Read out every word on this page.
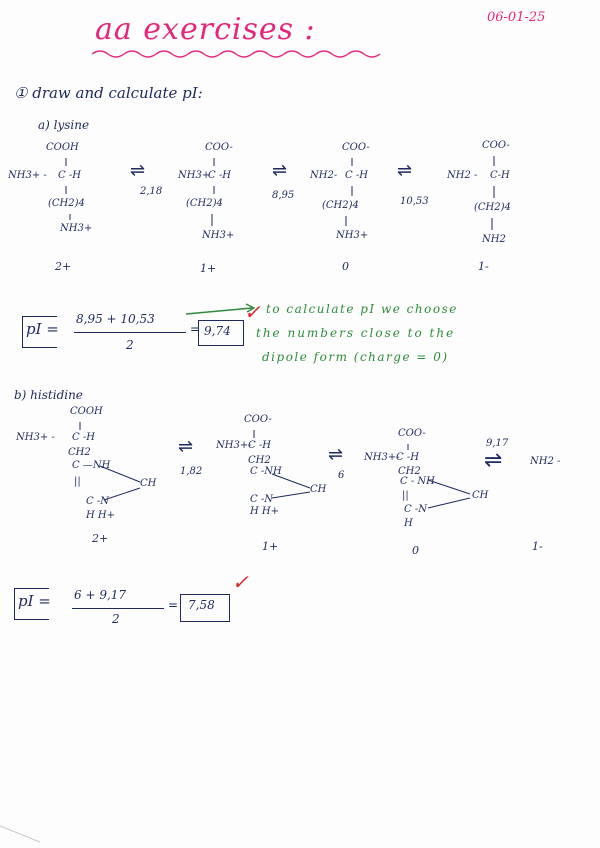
aa exercises :	06-01-25
① draw and calculate pI:
a) lysine
COOH
NH3+ - C -H
(CH2)4
NH3+
2+
⇌
2,18
COO-
NH3+
C -H
(CH2)4
NH3+
1+
⇌
8,95
COO-
NH2- C -H
(CH2)4
NH3+
0
⇌
10,53
COO-
NH2 - C-H
(CH2)4
NH2
1-
pI =
8,95 + 10,53
2
= 9,74
✓ to calculate pI we choose
the numbers close to the
dipole form (charge = 0)
b) histidine
COOH
NH3+ - C -H
CH2
C —NH
||	CH
C -N
H H+
2+
⇌
1,82
COO-
NH3+-
C -H
CH2
C -NH
CH
C -N
H H+
1+
⇌
6
COO-
NH3+-
C -H
CH2
C - NH
||	CH
C -N
H
0
9,17
⇌	NH2 -
1-
pI = 6 + 9,17
2
= 7,58
✓
